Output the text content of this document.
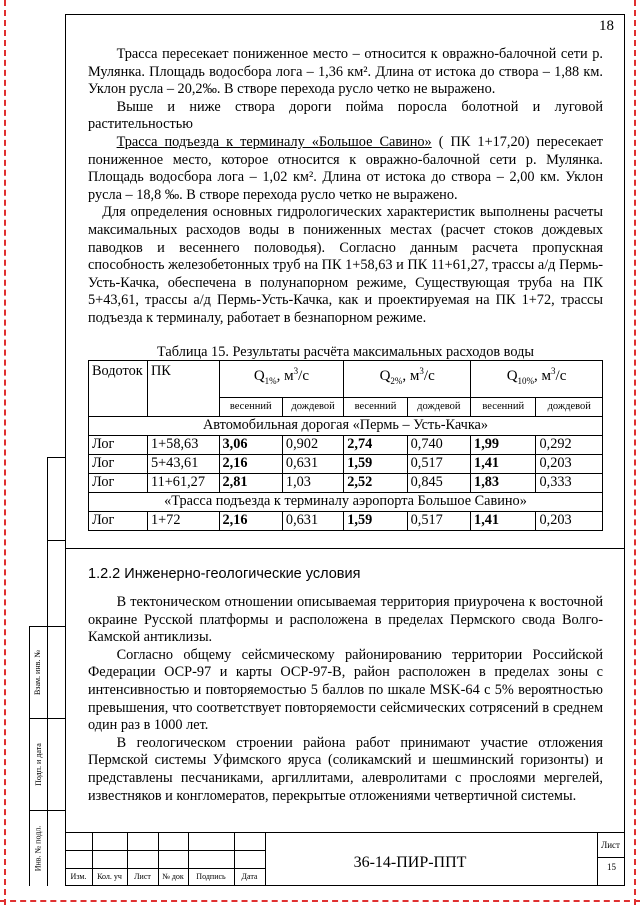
18

Трасса пересекает пониженное место – относится к овражно-балочной сети р. Мулянка. Площадь водосбора лога – 1,36 км². Длина от истока до створа – 1,88 км. Уклон русла – 20,2‰. В створе перехода русло четко не выражено.

Выше и ниже створа дороги пойма поросла болотной и луговой растительностью

Трасса подъезда к терминалу «Большое Савино» ( ПК 1+17,20) пересекает пониженное место, которое относится к овражно-балочной сети р. Мулянка. Площадь водосбора лога – 1,02 км². Длина от истока до створа – 2,00 км. Уклон русла – 18,8 ‰. В створе перехода русло четко не выражено.

Для определения основных гидрологических характеристик выполнены расчеты максимальных расходов воды в пониженных местах (расчет стоков дождевых паводков и весеннего половодья). Согласно данным расчета пропускная способность железобетонных труб на ПК 1+58,63 и ПК 11+61,27, трассы а/д Пермь-Усть-Качка, обеспечена в полунапорном режиме, Существующая труба на ПК 5+43,61, трассы а/д Пермь-Усть-Качка, как и проектируемая на ПК 1+72, трассы подъезда к терминалу, работает в безнапорном режиме.

Таблица 15. Результаты расчёта максимальных расходов воды
Водоток	ПК	$Q_{1\%}$, $м^3/с$		$Q_{2\%}$, $м^3/с$		$Q_{10\%}$, $м^3/с$	
		весенний	дождевой	весенний	дождевой	весенний	дождевой
Автомобильная дорогая «Пермь – Усть-Качка»							
Лог	1+58,63	3,06	0,902	2,74	0,740	1,99	0,292
Лог	5+43,61	2,16	0,631	1,59	0,517	1,41	0,203
Лог	11+61,27	2,81	1,03	2,52	0,845	1,83	0,333
«Трасса подъезда к терминалу аэропорта Большое Савино»							
Лог	1+72	2,16	0,631	1,59	0,517	1,41	0,203
1.2.2 Инженерно-геологические условия

В тектоническом отношении описываемая территория приурочена к восточной окраине Русской платформы и расположена в пределах Пермского свода Волго-Камской антиклизы.

Согласно общему сейсмическому районированию территории Российской Федерации ОСР-97 и карты ОСР-97-В, район расположен в пределах зоны с интенсивностью и повторяемостью 5 баллов по шкале MSK-64 с 5% вероятностью превышения, что соответствует повторяемости сейсмических сотрясений в среднем один раз в 1000 лет.

В геологическом строении района работ принимают участие отложения Пермской системы Уфимского яруса (соликамский и шешминский горизонты) и представлены песчаниками, аргиллитами, алевролитами с прослоями мергелей, известняков и конгломератов, перекрытые отложениями четвертичной системы.

Взам. инв. №
Подп. и дата
Инв. № подл.
Изм.	Кол. уч	Лист	№ док	Подпись	Дата
36-14-ПИР-ППТ
Лист
15
